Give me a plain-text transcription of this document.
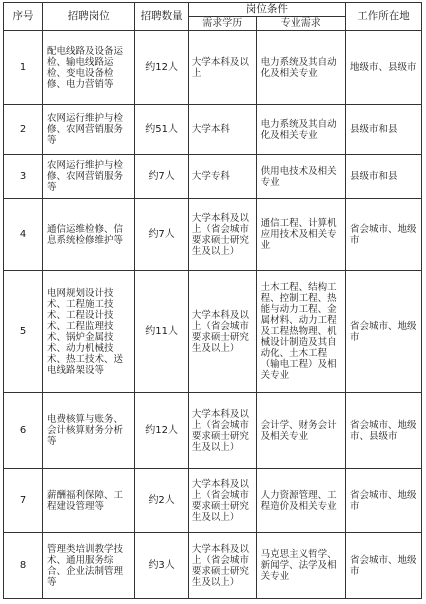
序号	招聘岗位	招聘数量	岗位条件		工作所在地
			需求学历	专业需求	
1	配电线路及设备运检、输电线路运检、变电设备检修、电力营销等	约12人	大学本科及以上	电力系统及其自动化及相关专业	地级市、县级市
2	农网运行维护与检修、农网营销服务等	约51人	大学本科	电力系统及其自动化及相关专业	县级市和县
3	农网运行维护与检修、农网营销服务等	约7人	大学专科	供用电技术及相关专业	县级市和县
4	通信运维检修、信息系统检修维护等	约7人	大学本科及以上（省会城市要求硕士研究生及以上）	通信工程、计算机应用技术及相关专业	省会城市、地级市
5	电网规划设计技术、工程施工技术、工程设计技术、工程监理技术、锅炉金属技术、动力机械技术、热工技术、送电线路架设等	约11人	大学本科及以上（省会城市要求硕士研究生及以上）	土木工程、结构工程、控制工程、热能与动力工程、金属材料、动力工程及工程热物理、机械设计制造及其自动化、土木工程（输电工程）及相关专业	省会城市、地级市
6	电费核算与账务、会计核算财务分析等	约12人	大学本科及以上（省会城市要求硕士研究生及以上）	会计学、财务会计及相关专业	省会城市、地级市、县级市
7	薪酬福利保障、工程建设管理等	约2人	大学本科及以上（省会城市要求硕士研究生及以上）	人力资源管理、工程造价及相关专业	省会城市、地级市
8	管理类培训教学技术、通用服务综合、企业法制管理等	约3人	大学本科及以上（省会城市要求硕士研究生及以上）	马克思主义哲学、新闻学、法学及相关专业	省会城市、地级市
